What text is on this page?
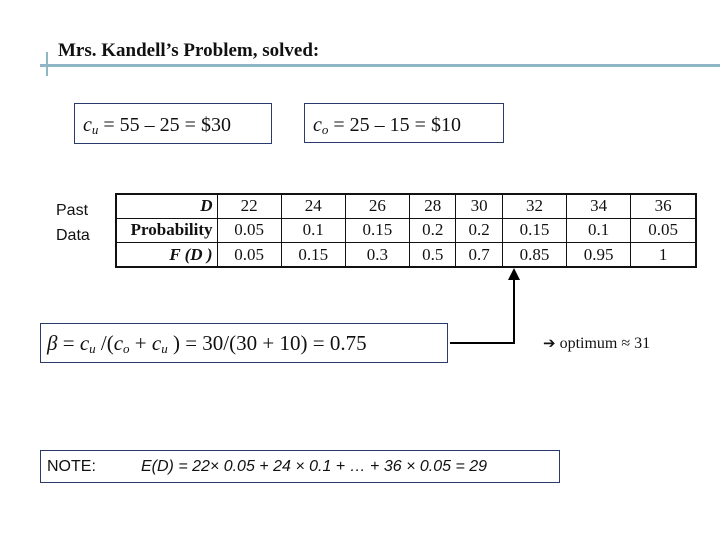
Mrs. Kandell’s Problem, solved:
$c_u = 55 - 25$ = $30	$c_o = 25 - 15$ = $10
Past
Data
D	22	24	26	28	30	32	34	36
Probability	0.05	0.1	0.15	0.2	0.2	0.15	0.1	0.05
F (D )	0.05	0.15	0.3	0.5	0.7	0.85	0.95	1
$\beta = c_u$ $/(c_o + c_u$ ) = 30/(30 + 10) = 0.75	➔ optimum ≈ 31
NOTE:	E(D) = 22× 0.05 + 24 × 0.1 + … + 36 × 0.05 = 29
